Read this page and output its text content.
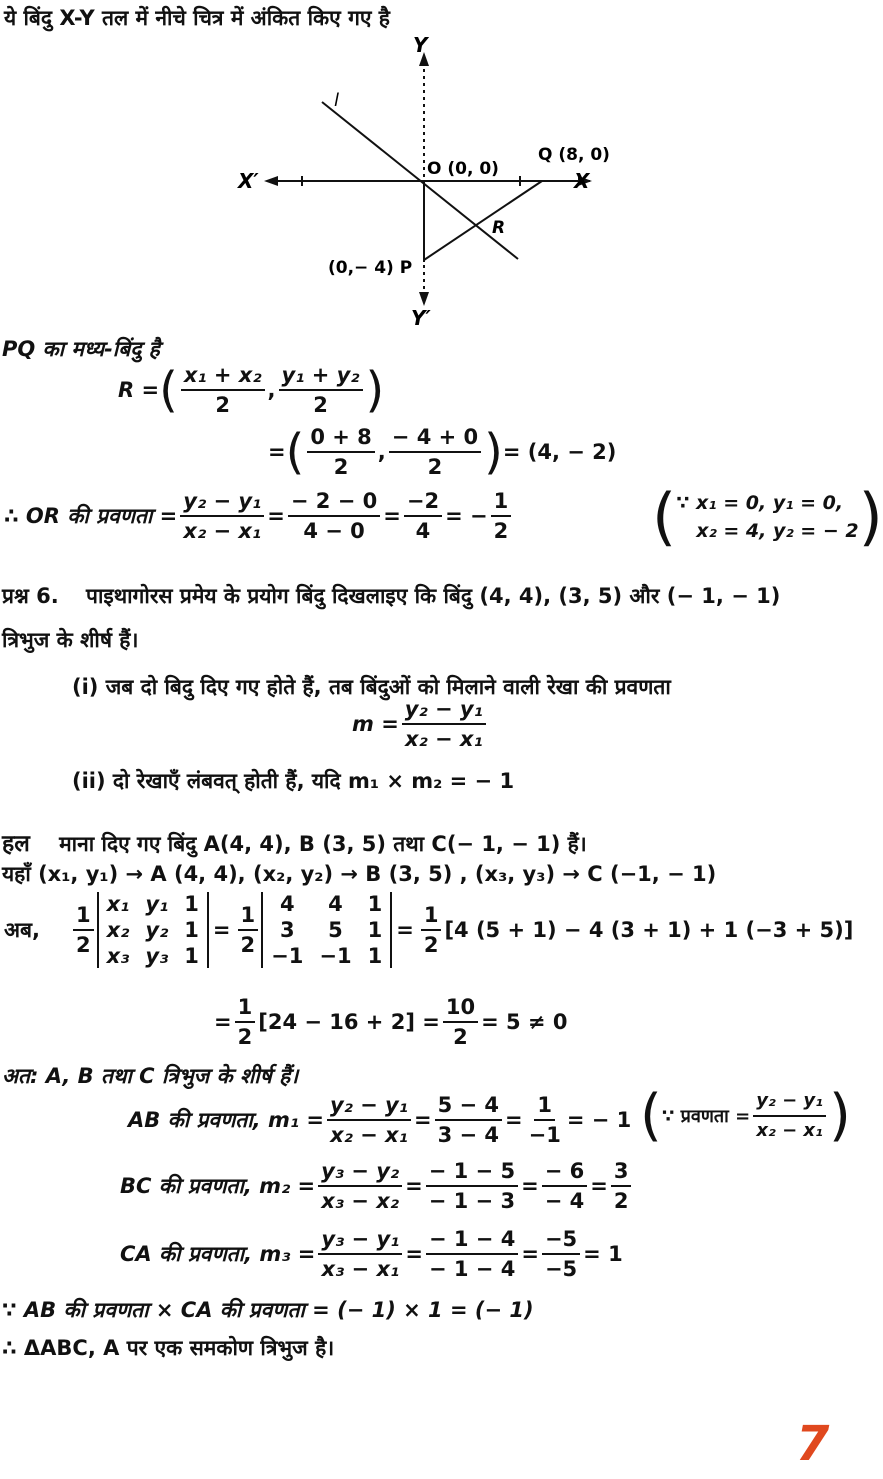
ये बिंदु X-Y तल में नीचे चित्र में अंकित किए गए है
Y
Y′
X
X′
l
O (0, 0)
Q (8, 0)
R
(0,− 4) P
PQ का मध्य-बिंदु है
R = ( $\frac{\text{x₁ + x₂}}{2}$ , $\frac{\text{y₁ + y₂}}{2}$ )
= ( $\frac{0 + 8}{2}$ , $\frac{- 4 + 0}{2}$ ) = (4, − 2)
∴ OR की प्रवणता = $\frac{\text{y₂ − y₁}}{\text{x₂ − x₁}} = \frac{- 2 - 0}{4 - 0} = \frac{-2}{4}$ = − $\frac{1}{2}$ ( ∵ x₁ = 0, y₁ = 0,
x₂ = 4, y₂ = − 2 )
प्रश्न 6. पाइथागोरस प्रमेय के प्रयोग बिंदु दिखलाइए कि बिंदु (4, 4), (3, 5) और (− 1, − 1)
त्रिभुज के शीर्ष हैं।
(i) जब दो बिदु दिए गए होते हैं, तब बिंदुओं को मिलाने वाली रेखा की प्रवणता
$m = \frac{\text{y₂ − y₁}}{\text{x₂ − x₁}}$
(ii) दो रेखाएँ लंबवत् होती हैं, यदि m₁ × m₂ = − 1
हल माना दिए गए बिंदु A(4, 4), B (3, 5) तथा C(− 1, − 1) हैं।
यहाँ (x₁, y₁) → A (4, 4), (x₂, y₂) → B (3, 5) , (x₃, y₃) → C (−1, − 1)
अब, $\frac{1}{2} x_1$ y₁ 1
x₂ y₂ 1
x₃ y₃ 1
= $\frac{1}{2}$	4	4	1
3	5	1
−1 −1 1
= $\frac{1}{2} [4$ (5 + 1) − 4 (3 + 1) + 1 (−3 + 5)]
= $\frac{1}{2} [24 - 16 + 2] = \frac{10}{2} = 5 \ne 0$
अत: A, B तथा C त्रिभुज के शीर्ष हैं।
AB की प्रवणता, $m_1 = \frac{\text{y₂ − y₁}}{\text{x₂ − x₁}} = \frac{5 - 4}{3 - 4} = \frac{1}{-1}$ = − 1 ( ∵ प्रवणता = $\frac{\text{y₂ − y₁}}{\text{x₂ − x₁}}$ )
BC की प्रवणता, $m_2 = \frac{\text{y₃ − y₂}}{\text{x₃ − x₂}} = \frac{- 1 - 5}{- 1 - 3} = \frac{- 6}{- 4} = \frac{3}{2}$
CA की प्रवणता, $m_3 = \frac{\text{y₃ − y₁}}{\text{x₃ − x₁}} = \frac{- 1 - 4}{- 1 - 4} = \frac{-5}{-5} = 1$
∵ AB की प्रवणता × CA की प्रवणता = (− 1) × 1 = (− 1)
∴ ΔABC, A पर एक समकोण त्रिभुज है।
7
